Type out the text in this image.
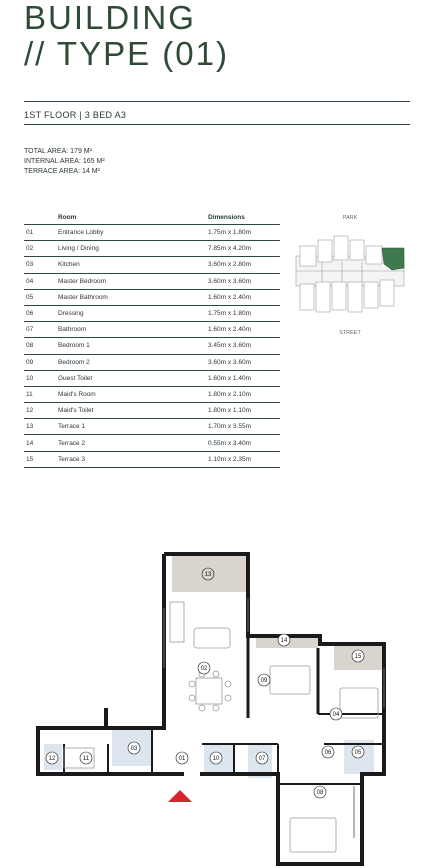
BUILDING
// TYPE (01)
1ST FLOOR | 3 BED A3
TOTAL AREA: 179 M²
INTERNAL AREA: 165 M²
TERRACE AREA: 14 M²
	Room	Dimensions
01	Entrance Lobby	1.75m x 1.80m
02	Living / Dining	7.85m x 4.20m
03	Kitchen	3.60m x 2.80m
04	Master Bedroom	3.60m x 3.60m
05	Master Bathroom	1.60m x 2.40m
06	Dressing	1.75m x 1.80m
07	Bathroom	1.60m x 2.40m
08	Bedroom 1	3.45m x 3.60m
09	Bedroom 2	3.60m x 3.60m
10	Guest Toilet	1.60m x 1.40m
11	Maid's Room	1.80m x 2.10m
12	Maid's Toilet	1.80m x 1.10m
13	Terrace 1	1.70m x 3.55m
14	Terrace 2	0.55m x 3.40m
15	Terrace 3	1.10m x 2.35m
PARK
STREET
13
14
15
02
09
04
03
11
12	01	10	07
06	05
08
